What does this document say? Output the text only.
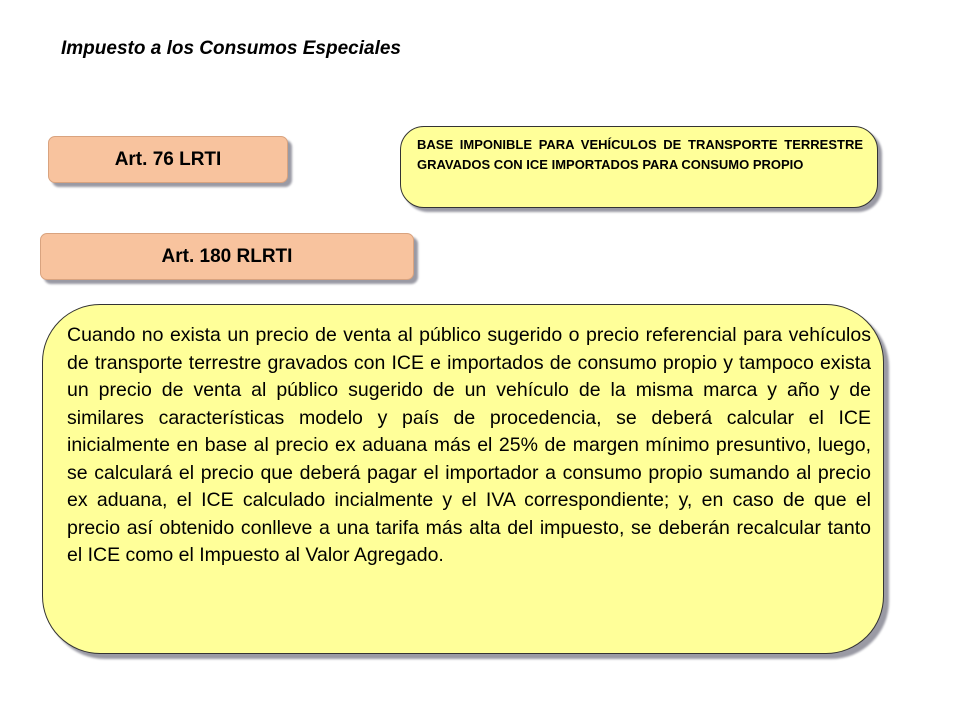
Impuesto a los Consumos Especiales
Art. 76 LRTI
BASE IMPONIBLE PARA VEHÍCULOS DE TRANSPORTE TERRESTRE GRAVADOS CON ICE IMPORTADOS PARA CONSUMO PROPIO
Art. 180 RLRTI
Cuando no exista un precio de venta al público sugerido o precio referencial para vehículos de transporte terrestre gravados con ICE e importados de consumo propio y tampoco exista un precio de venta al público sugerido de un vehículo de la misma marca y año y de similares características modelo y país de procedencia, se deberá calcular el ICE inicialmente en base al precio ex aduana más el 25% de margen mínimo presuntivo, luego, se calculará el precio que deberá pagar el importador a consumo propio sumando al precio ex aduana, el ICE calculado incialmente y el IVA correspondiente; y, en caso de que el precio así obtenido conlleve a una tarifa más alta del impuesto, se deberán recalcular tanto el ICE como el Impuesto al Valor Agregado.
